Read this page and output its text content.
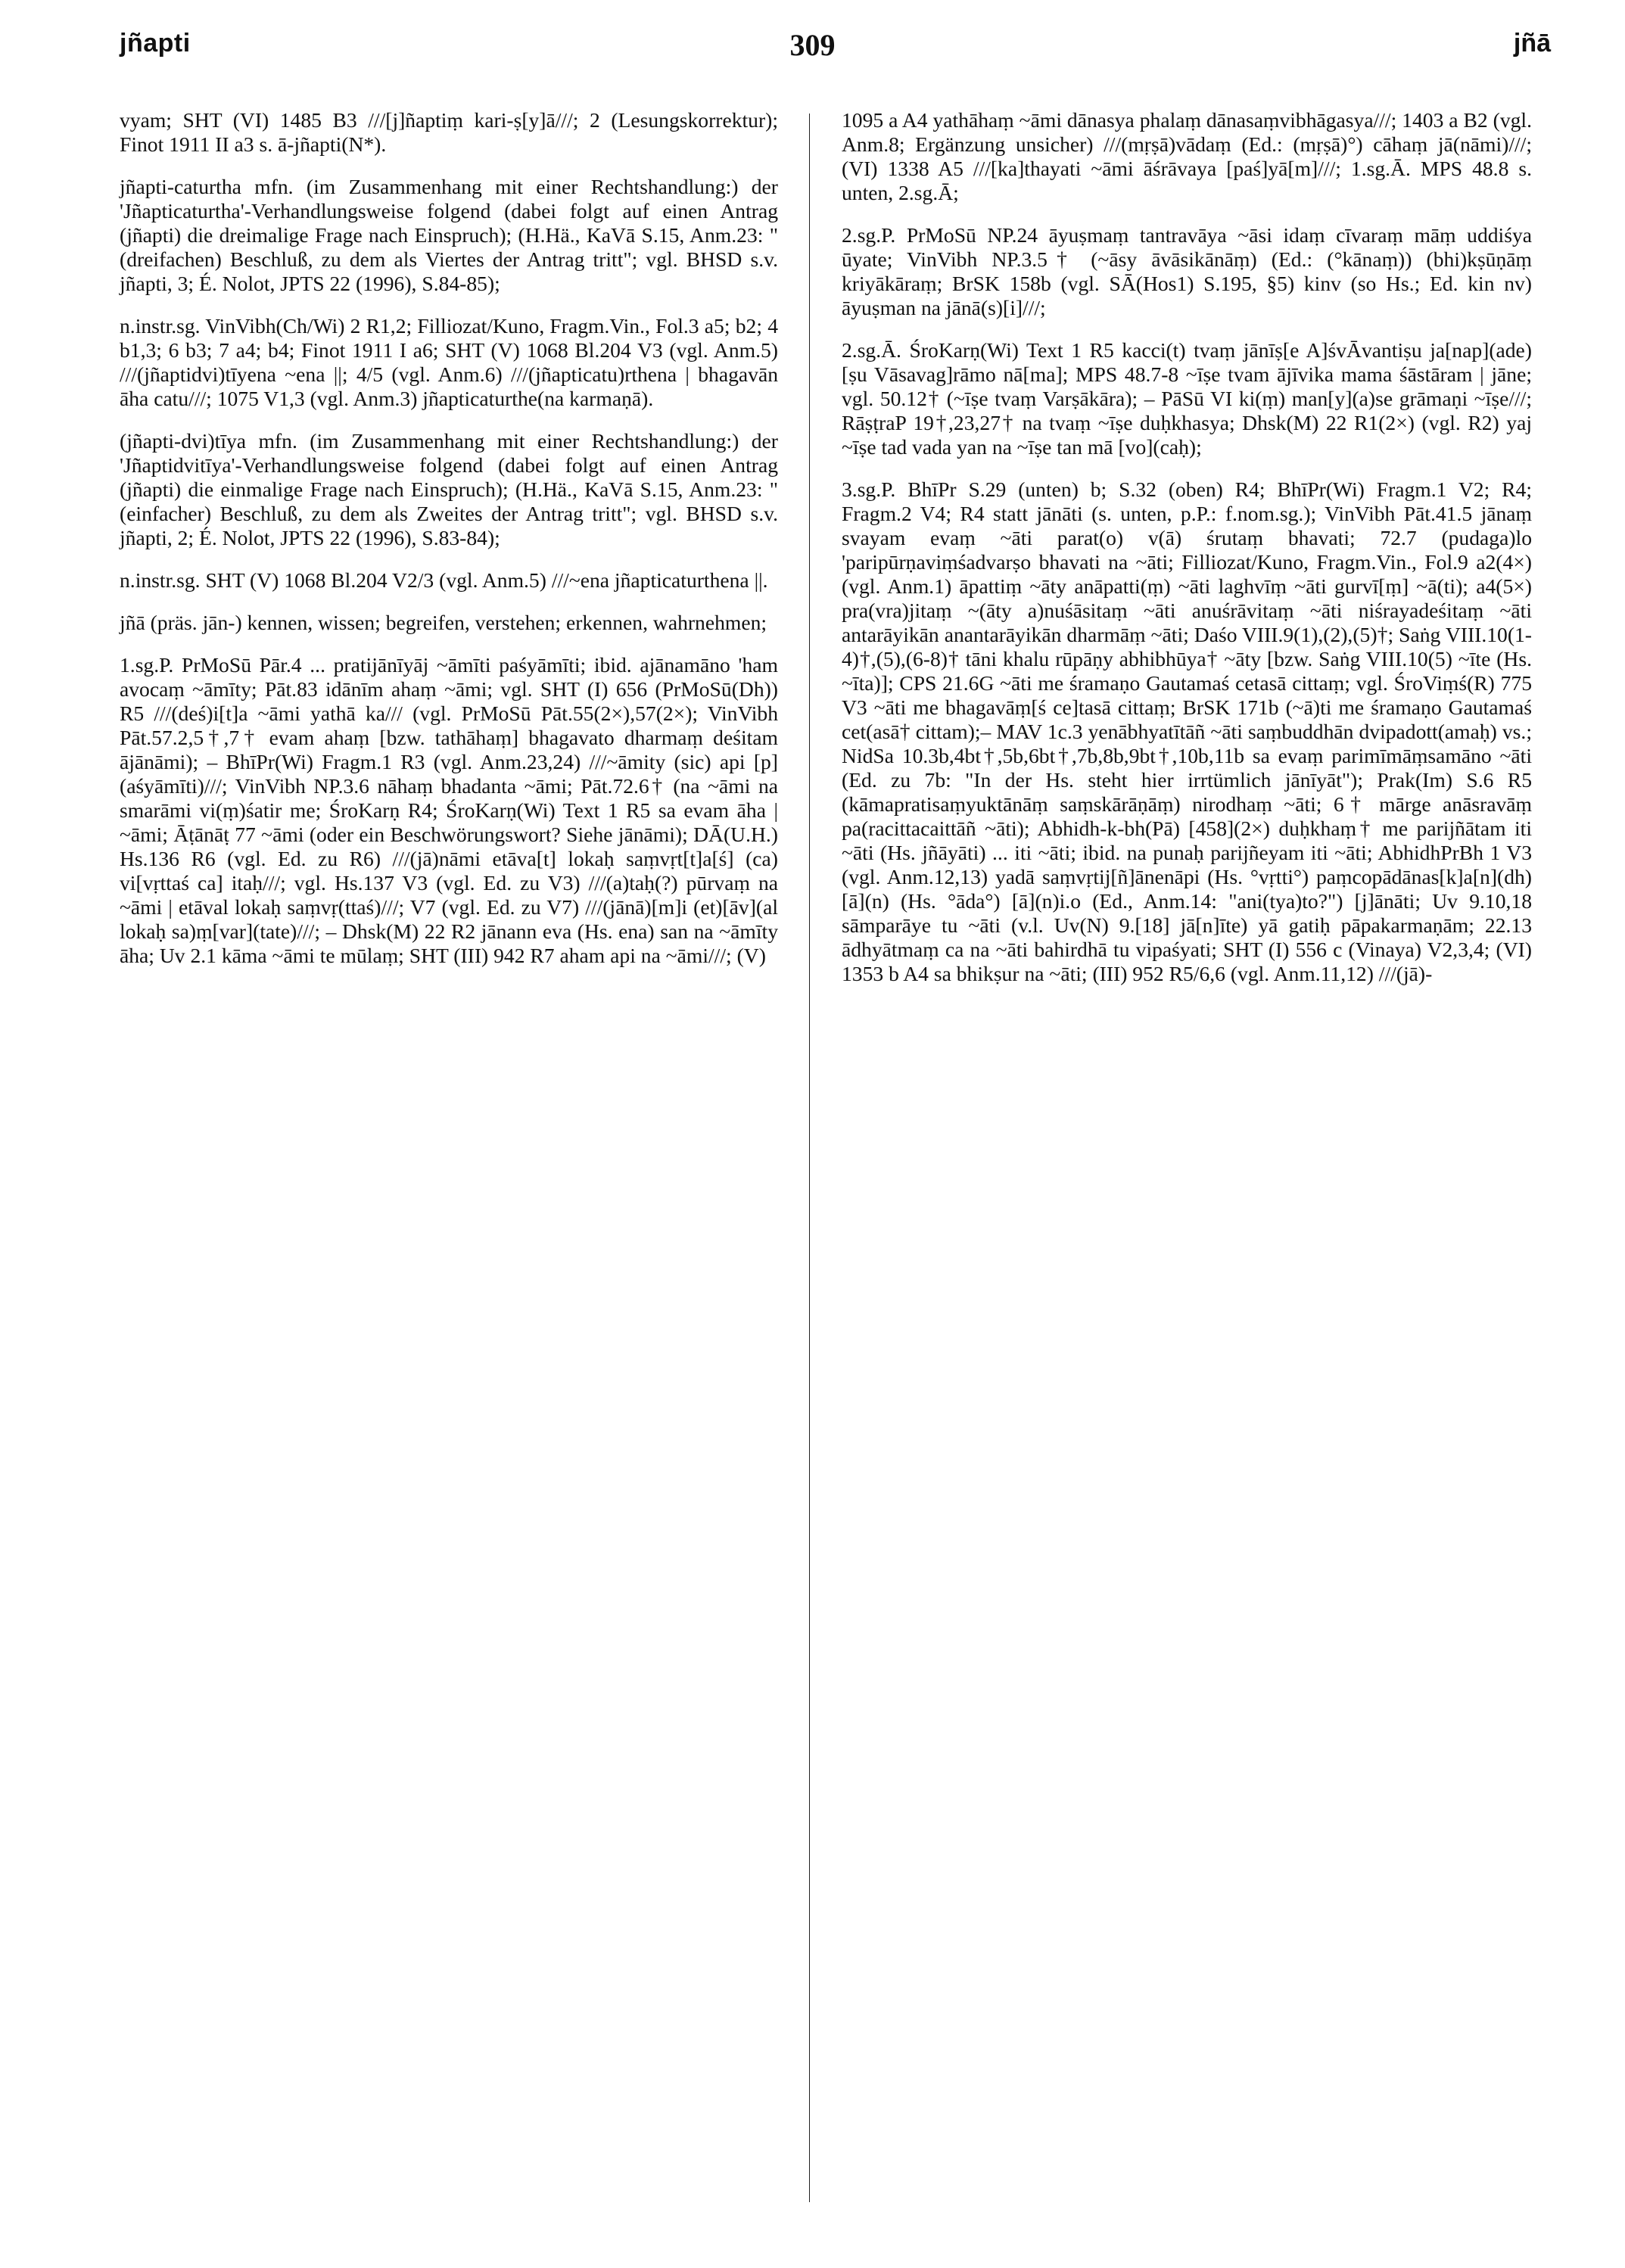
jñapti	309	jñā

vyam; SHT (VI) 1485 B3 ///[j]ñaptiṃ kari-ṣ[y]ā///; 2 (Lesungskorrektur); Finot 1911 II a3 s. ā-jñapti(N*).

jñapti-caturtha mfn. (im Zusammenhang mit einer Rechtshandlung:) der 'Jñapticaturtha'-Verhandlungsweise folgend (dabei folgt auf einen Antrag (jñapti) die dreimalige Frage nach Einspruch); (H.Hä., KaVā S.15, Anm.23: "(dreifachen) Beschluß, zu dem als Viertes der Antrag tritt"; vgl. BHSD s.v. jñapti, 3; É. Nolot, JPTS 22 (1996), S.84-85);

n.instr.sg. VinVibh(Ch/Wi) 2 R1,2; Filliozat/Kuno, Fragm.Vin., Fol.3 a5; b2; 4 b1,3; 6 b3; 7 a4; b4; Finot 1911 I a6; SHT (V) 1068 Bl.204 V3 (vgl. Anm.5) ///(jñaptidvi)tīyena ~ena ||; 4/5 (vgl. Anm.6) ///(jñapticatu)rthena | bhagavān āha catu///; 1075 V1,3 (vgl. Anm.3) jñapticaturthe(na karmaṇā).

(jñapti-dvi)tīya mfn. (im Zusammenhang mit einer Rechtshandlung:) der 'Jñaptidvitīya'-Verhandlungsweise folgend (dabei folgt auf einen Antrag (jñapti) die einmalige Frage nach Einspruch); (H.Hä., KaVā S.15, Anm.23: "(einfacher) Beschluß, zu dem als Zweites der Antrag tritt"; vgl. BHSD s.v. jñapti, 2; É. Nolot, JPTS 22 (1996), S.83-84);

n.instr.sg. SHT (V) 1068 Bl.204 V2/3 (vgl. Anm.5) ///~ena jñapticaturthena ||.

jñā (präs. jān-) kennen, wissen; begreifen, verstehen; erkennen, wahrnehmen;

1.sg.P. PrMoSū Pār.4 ... pratijānīyāj ~āmīti paśyāmīti; ibid. ajānamāno 'ham avocaṃ ~āmīty; Pāt.83 idānīm ahaṃ ~āmi; vgl. SHT (I) 656 (PrMoSū(Dh)) R5 ///(deś)i[t]a ~āmi yathā ka/// (vgl. PrMoSū Pāt.55(2×),57(2×); VinVibh Pāt.57.2,5†,7† evam ahaṃ [bzw. tathāhaṃ] bhagavato dharmaṃ deśitam ājānāmi); – BhīPr(Wi) Fragm.1 R3 (vgl. Anm.23,24) ///~āmity (sic) api [p](aśyāmīti)///; VinVibh NP.3.6 nāhaṃ bhadanta ~āmi; Pāt.72.6† (na ~āmi na smarāmi vi(ṃ)śatir me; ŚroKarṇ R4; ŚroKarṇ(Wi) Text 1 R5 sa evam āha | ~āmi; Āṭānāṭ 77 ~āmi (oder ein Beschwörungswort? Siehe jānāmi); DĀ(U.H.) Hs.136 R6 (vgl. Ed. zu R6) ///(jā)nāmi etāva[t] lokaḥ saṃvṛt[t]a[ś] (ca) vi[vṛttaś ca] itaḥ///; vgl. Hs.137 V3 (vgl. Ed. zu V3) ///(a)taḥ(?) pūrvaṃ na ~āmi | etāval lokaḥ saṃvṛ(ttaś)///; V7 (vgl. Ed. zu V7) ///(jānā)[m]i (et)[āv](al lokaḥ sa)ṃ[var](tate)///; – Dhsk(M) 22 R2 jānann eva (Hs. ena) san na ~āmīty āha; Uv 2.1 kāma ~āmi te mūlaṃ; SHT (III) 942 R7 aham api na ~āmi///; (V)

1095 a A4 yathāhaṃ ~āmi dānasya phalaṃ dānasaṃvibhāgasya///; 1403 a B2 (vgl. Anm.8; Ergänzung unsicher) ///(mṛṣā)vādaṃ (Ed.: (mṛṣā)°) cāhaṃ jā(nāmi)///; (VI) 1338 A5 ///[ka]thayati ~āmi āśrāvaya [paś]yā[m]///; 1.sg.Ā. MPS 48.8 s. unten, 2.sg.Ā;

2.sg.P. PrMoSū NP.24 āyuṣmaṃ tantravāya ~āsi idaṃ cīvaraṃ māṃ uddiśya ūyate; VinVibh NP.3.5† (~āsy āvāsikānāṃ) (Ed.: (°kānaṃ)) (bhi)kṣūṇāṃ kriyākāraṃ; BrSK 158b (vgl. SĀ(Hos1) S.195, §5) kinv (so Hs.; Ed. kin nv) āyuṣman na jānā(s)[i]///;

2.sg.Ā. ŚroKarṇ(Wi) Text 1 R5 kacci(t) tvaṃ jānīṣ[e A]śvĀvantiṣu ja[nap](ade)[ṣu Vāsavag]rāmo nā[ma]; MPS 48.7-8 ~īṣe tvam ājīvika mama śāstāram | jāne; vgl. 50.12† (~īṣe tvaṃ Varṣākāra); – PāSū VI ki(ṃ) man[y](a)se grāmaṇi ~īṣe///; RāṣṭraP 19†,23,27† na tvaṃ ~īṣe duḥkhasya; Dhsk(M) 22 R1(2×) (vgl. R2) yaj ~īṣe tad vada yan na ~īṣe tan mā [vo](caḥ);

3.sg.P. BhīPr S.29 (unten) b; S.32 (oben) R4; BhīPr(Wi) Fragm.1 V2; R4; Fragm.2 V4; R4 statt jānāti (s. unten, p.P.: f.nom.sg.); VinVibh Pāt.41.5 jānaṃ svayam evaṃ ~āti parat(o) v(ā) śrutaṃ bhavati; 72.7 (pudaga)lo 'paripūrṇaviṃśadvarṣo bhavati na ~āti; Filliozat/Kuno, Fragm.Vin., Fol.9 a2(4×) (vgl. Anm.1) āpattiṃ ~āty anāpatti(ṃ) ~āti laghvīṃ ~āti gurvī[ṃ] ~ā(ti); a4(5×) pra(vra)jitaṃ ~(āty a)nuśāsitaṃ ~āti anuśrāvitaṃ ~āti niśrayadeśitaṃ ~āti antarāyikān anantarāyikān dharmāṃ ~āti; Daśo VIII.9(1),(2),(5)†; Saṅg VIII.10(1-4)†,(5),(6-8)† tāni khalu rūpāṇy abhibhūya† ~āty [bzw. Saṅg VIII.10(5) ~īte (Hs. ~īta)]; CPS 21.6G ~āti me śramaṇo Gautamaś cetasā cittaṃ; vgl. ŚroViṃś(R) 775 V3 ~āti me bhagavāṃ[ś ce]tasā cittaṃ; BrSK 171b (~ā)ti me śramaṇo Gautamaś cet(asā† cittam);– MAV 1c.3 yenābhyatītāñ ~āti saṃbuddhān dvipadott(amaḥ) vs.; NidSa 10.3b,4bt†,5b,6bt†,7b,8b,9bt†,10b,11b sa evaṃ parimīmāṃsamāno ~āti (Ed. zu 7b: "In der Hs. steht hier irrtümlich jānīyāt"); Prak(Im) S.6 R5 (kāmapratisaṃyuktānāṃ saṃskārāṇāṃ) nirodhaṃ ~āti; 6† mārge anāsravāṃ pa(racittacaittāñ ~āti); Abhidh-k-bh(Pā) [458](2×) duḥkhaṃ† me parijñātam iti ~āti (Hs. jñāyāti) ... iti ~āti; ibid. na punaḥ parijñeyam iti ~āti; AbhidhPrBh 1 V3 (vgl. Anm.12,13) yadā saṃvṛtij[ñ]ānenāpi (Hs. °vṛtti°) paṃcopādānas[k]a[n](dh)[ā](n) (Hs. °āda°) [ā](n)i.o (Ed., Anm.14: "ani(tya)to?") [j]ānāti; Uv 9.10,18 sāmparāye tu ~āti (v.l. Uv(N) 9.[18] jā[n]īte) yā gatiḥ pāpakarmaṇām; 22.13 ādhyātmaṃ ca na ~āti bahirdhā tu vipaśyati; SHT (I) 556 c (Vinaya) V2,3,4; (VI) 1353 b A4 sa bhikṣur na ~āti; (III) 952 R5/6,6 (vgl. Anm.11,12) ///(jā)-
